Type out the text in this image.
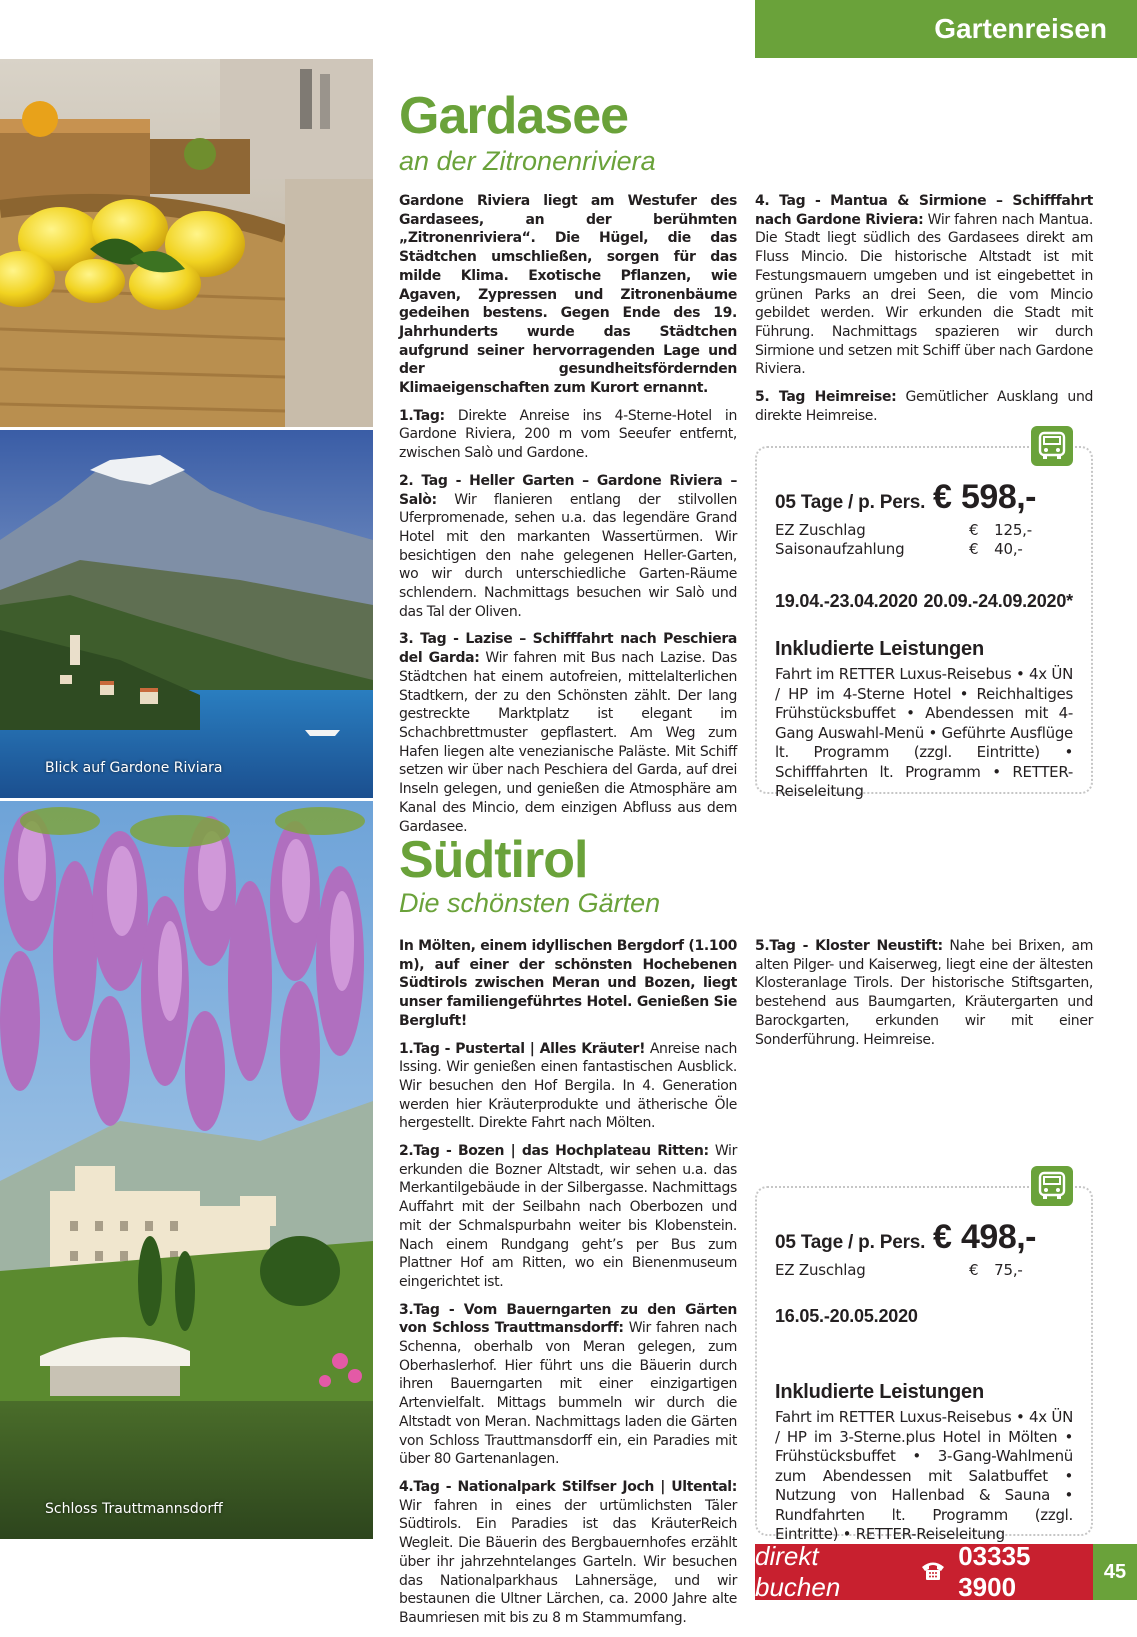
Gartenreisen
Blick auf Gardone Riviara
Schloss Trauttmannsdorff
Gardasee
an der Zitronenriviera

Gardone Riviera liegt am Westufer des Gardasees, an der berühmten „Zitronenriviera“. Die Hügel, die das Städtchen umschließen, sorgen für das milde Klima. Exotische Pflanzen, wie Agaven, Zypressen und Zitronenbäume gedeihen bestens. Gegen Ende des 19. Jahrhunderts wurde das Städtchen aufgrund seiner hervorragenden Lage und der gesundheitsfördernden Klimaeigenschaften zum Kurort ernannt.

1.Tag: Direkte Anreise ins 4-Sterne-Hotel in Gardone Riviera, 200 m vom Seeufer entfernt, zwischen Salò und Gardone.

2. Tag - Heller Garten – Gardone Riviera – Salò: Wir flanieren entlang der stilvollen Uferpromenade, sehen u.a. das legendäre Grand Hotel mit den markanten Wassertürmen. Wir besichtigen den nahe gelegenen Heller-Garten, wo wir durch unterschiedliche Garten-Räume schlendern. Nachmittags besuchen wir Salò und das Tal der Oliven.

3. Tag - Lazise – Schifffahrt nach Peschiera del Garda: Wir fahren mit Bus nach Lazise. Das Städtchen hat einem autofreien, mittelalterlichen Stadtkern, der zu den Schönsten zählt. Der lang gestreckte Marktplatz ist elegant im Schachbrettmuster gepflastert. Am Weg zum Hafen liegen alte venezianische Paläste. Mit Schiff setzen wir über nach Peschiera del Garda, auf drei Inseln gelegen, und genießen die Atmosphäre am Kanal des Mincio, dem einzigen Abfluss aus dem Gardasee.

4. Tag - Mantua & Sirmione – Schifffahrt nach Gardone Riviera: Wir fahren nach Mantua. Die Stadt liegt südlich des Gardasees direkt am Fluss Mincio. Die historische Altstadt ist mit Festungsmauern umgeben und ist eingebettet in grünen Parks an drei Seen, die vom Mincio gebildet werden. Wir erkunden die Stadt mit Führung. Nachmittags spazieren wir durch Sirmione und setzen mit Schiff über nach Gardone Riviera.

5. Tag Heimreise: Gemütlicher Ausklang und direkte Heimreise.

05 Tage / p. Pers. € 598,-
EZ Zuschlag	€ 125,-
Saisonaufzahlung	€ 40,-
19.04.-23.04.2020 20.09.-24.09.2020*
Inkludierte Leistungen
Fahrt im RETTER Luxus-Reisebus • 4x ÜN / HP im 4-Sterne Hotel • Reichhaltiges Frühstücksbuffet • Abendessen mit 4-Gang Auswahl-Menü • Geführte Ausflüge lt. Programm (zzgl. Eintritte) • Schifffahrten lt. Programm • RETTER-Reiseleitung
Südtirol
Die schönsten Gärten

In Mölten, einem idyllischen Bergdorf (1.100 m), auf einer der schönsten Hochebenen Südtirols zwischen Meran und Bozen, liegt unser familiengeführtes Hotel. Genießen Sie Bergluft!

1.Tag - Pustertal | Alles Kräuter! Anreise nach Issing. Wir genießen einen fantastischen Ausblick. Wir besuchen den Hof Bergila. In 4. Generation werden hier Kräuterprodukte und ätherische Öle hergestellt. Direkte Fahrt nach Mölten.

2.Tag - Bozen | das Hochplateau Ritten: Wir erkunden die Bozner Altstadt, wir sehen u.a. das Merkantilgebäude in der Silbergasse. Nachmittags Auffahrt mit der Seilbahn nach Oberbozen und mit der Schmalspurbahn weiter bis Klobenstein. Nach einem Rundgang geht’s per Bus zum Plattner Hof am Ritten, wo ein Bienenmuseum eingerichtet ist.

3.Tag - Vom Bauerngarten zu den Gärten von Schloss Trauttmansdorff: Wir fahren nach Schenna, oberhalb von Meran gelegen, zum Oberhaslerhof. Hier führt uns die Bäuerin durch ihren Bauerngarten mit einer einzigartigen Artenvielfalt. Mittags bummeln wir durch die Altstadt von Meran. Nachmittags laden die Gärten von Schloss Trauttmansdorff ein, ein Paradies mit über 80 Gartenanlagen.

4.Tag - Nationalpark Stilfser Joch | Ultental: Wir fahren in eines der urtümlichsten Täler Südtirols. Ein Paradies ist das KräuterReich Wegleit. Die Bäuerin des Bergbauernhofes erzählt über ihr jahrzehntelanges Garteln. Wir besuchen das Nationalparkhaus Lahnersäge, und wir bestaunen die Ultner Lärchen, ca. 2000 Jahre alte Baumriesen mit bis zu 8 m Stammumfang.

5.Tag - Kloster Neustift: Nahe bei Brixen, am alten Pilger- und Kaiserweg, liegt eine der ältesten Klosteranlage Tirols. Der historische Stiftsgarten, bestehend aus Baumgarten, Kräutergarten und Barockgarten, erkunden wir mit einer Sonderführung. Heimreise.

05 Tage / p. Pers. € 498,-
EZ Zuschlag	€ 75,-
16.05.-20.05.2020
Inkludierte Leistungen
Fahrt im RETTER Luxus-Reisebus • 4x ÜN / HP im 3-Sterne.plus Hotel in Mölten • Frühstücksbuffet • 3-Gang-Wahlmenü zum Abendessen mit Salatbuffet • Nutzung von Hallenbad & Sauna • Rundfahrten lt. Programm (zzgl. Eintritte) • RETTER-Reiseleitung
direkt buchen
03335 3900
45
